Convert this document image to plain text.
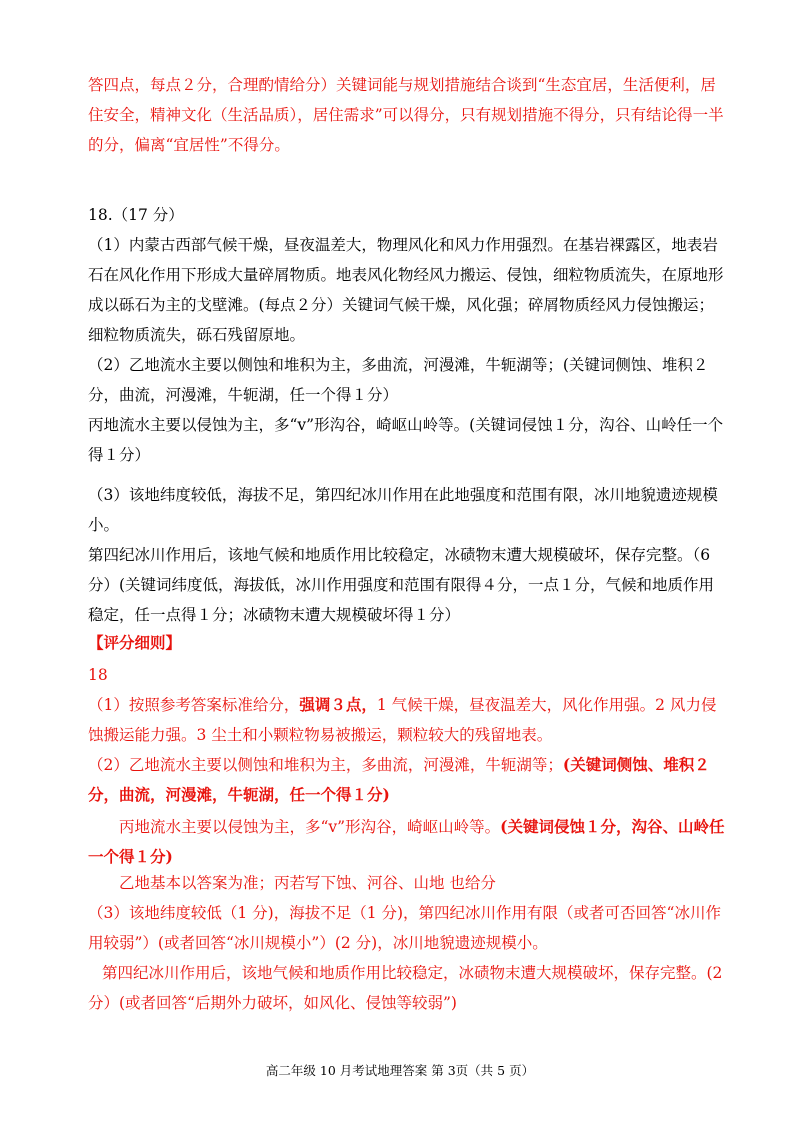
答四点，每点２分，合理酌情给分）关键词能与规划措施结合谈到“生态宜居，生活便利，居住安全，精神文化（生活品质），居住需求”可以得分，只有规划措施不得分，只有结论得一半的分，偏离“宜居性”不得分。
18.（17 分）
（1）内蒙古西部气候干燥，昼夜温差大，物理风化和风力作用强烈。在基岩裸露区，地表岩石在风化作用下形成大量碎屑物质。地表风化物经风力搬运、侵蚀，细粒物质流失，在原地形成以砾石为主的戈壁滩。(每点２分）关键词气候干燥，风化强；碎屑物质经风力侵蚀搬运；细粒物质流失，砾石残留原地。
（2）乙地流水主要以侧蚀和堆积为主，多曲流，河漫滩，牛轭湖等；(关键词侧蚀、堆积２分，曲流，河漫滩，牛轭湖，任一个得１分）
丙地流水主要以侵蚀为主，多“v”形沟谷，崎岖山岭等。(关键词侵蚀１分，沟谷、山岭任一个得１分）
（3）该地纬度较低，海拔不足，第四纪冰川作用在此地强度和范围有限，冰川地貌遗迹规模小。
第四纪冰川作用后，该地气候和地质作用比较稳定，冰碛物末遭大规模破坏，保存完整。（6 分）(关键词纬度低，海拔低，冰川作用强度和范围有限得４分，一点１分，气候和地质作用稳定，任一点得１分；冰碛物末遭大规模破坏得１分）
【评分细则】
18
（1）按照参考答案标准给分，强调３点，1 气候干燥，昼夜温差大，风化作用强。2 风力侵蚀搬运能力强。3 尘土和小颗粒物易被搬运，颗粒较大的残留地表。
（2）乙地流水主要以侧蚀和堆积为主，多曲流，河漫滩，牛轭湖等；(关键词侧蚀、堆积２分，曲流，河漫滩，牛轭湖，任一个得１分)
丙地流水主要以侵蚀为主，多“v”形沟谷，崎岖山岭等。(关键词侵蚀１分，沟谷、山岭任一个得１分)
乙地基本以答案为准；丙若写下蚀、河谷、山地 也给分
（3）该地纬度较低（1 分)，海拔不足（1 分)，第四纪冰川作用有限（或者可否回答“冰川作用较弱”）(或者回答“冰川规模小”）(2 分)，冰川地貌遗迹规模小。
第四纪冰川作用后，该地气候和地质作用比较稳定，冰碛物末遭大规模破坏，保存完整。(2 分）(或者回答“后期外力破坏，如风化、侵蚀等较弱”)
高二年级 10 月考试地理答案 第 3页（共 5 页）
